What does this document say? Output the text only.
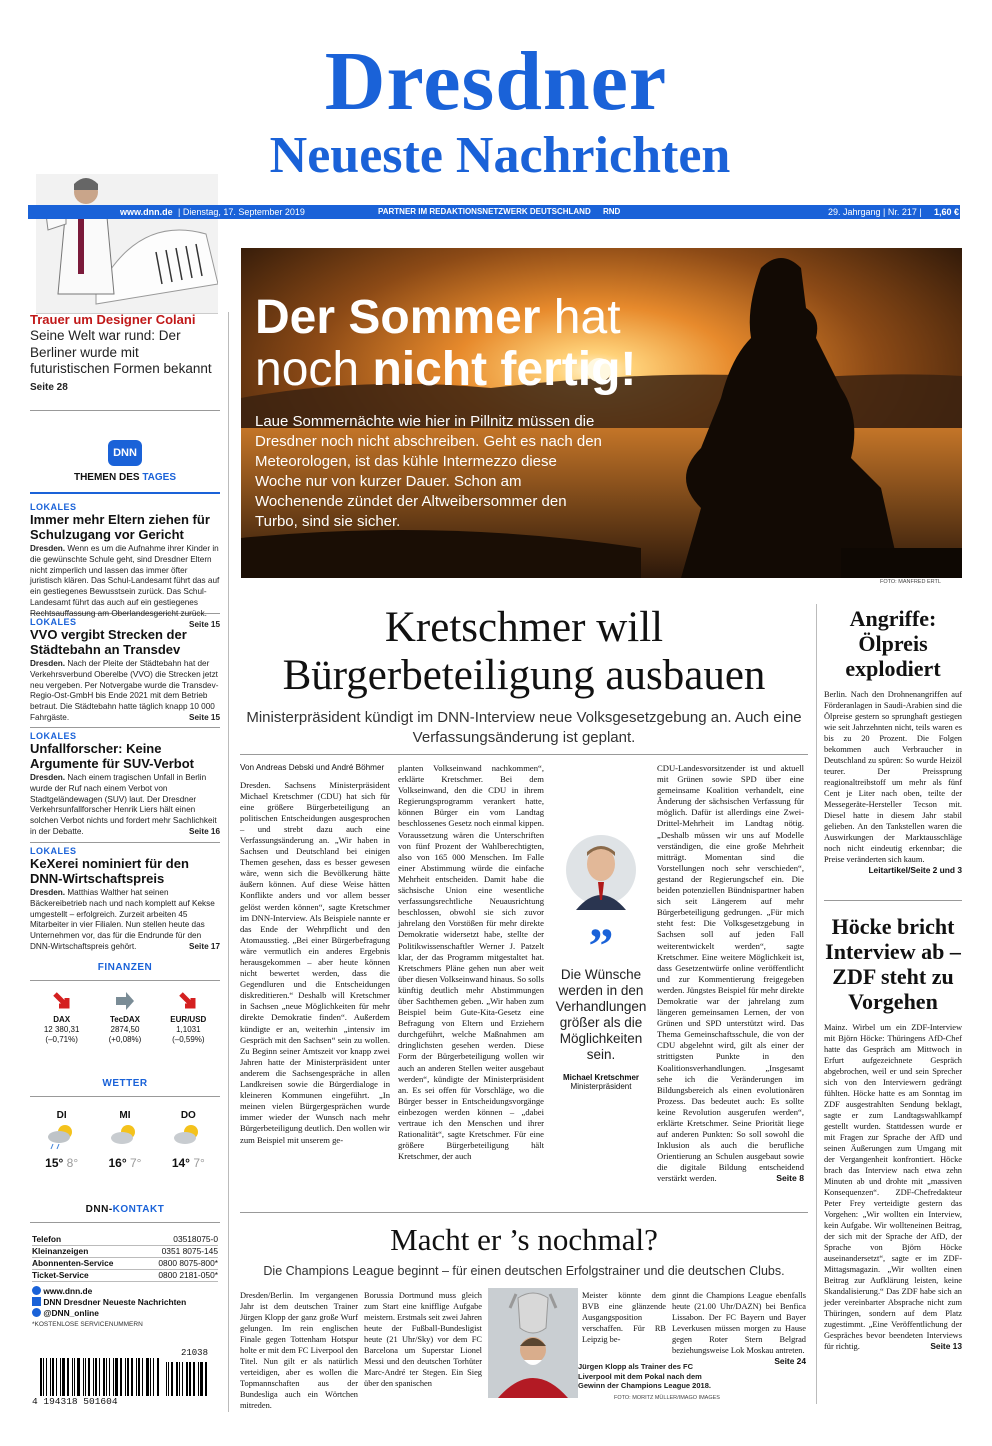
Dresdner
Neueste Nachrichten
www.dnn.de | Dienstag, 17. September 2019	PARTNER IM REDAKTIONSNETZWERK DEUTSCHLAND RND	29. Jahrgang | Nr. 217 | 1,60 €
Trauer um Designer Colani
Seine Welt war rund: Der Berliner wurde mit futuristischen Formen bekannt Seite 28
DNN
THEMEN DES TAGES
LOKALES
Immer mehr Eltern ziehen für Schulzugang vor Gericht
Dresden. Wenn es um die Aufnahme ihrer Kinder in die gewünschte Schule geht, sind Dresdner Eltern nicht zimperlich und lassen das immer öfter juristisch klären. Das Schul-Landesamt führt das auf ein gestiegenes Bewusstsein zurück. Das Schul-Landesamt führt das auch auf ein gestiegenes Rechtsauffassung am Oberlandesgericht zurück.
Seite 15
LOKALES
VVO vergibt Strecken der Städtebahn an Transdev
Dresden. Nach der Pleite der Städtebahn hat der Verkehrsverbund Oberelbe (VVO) die Strecken jetzt neu vergeben. Per Notvergabe wurde die Transdev-Regio-Ost-GmbH bis Ende 2021 mit dem Betrieb betraut. Die Städtebahn hatte täglich knapp 10 000 Fahrgäste.	Seite 15
LOKALES
Unfallforscher: Keine Argumente für SUV-Verbot
Dresden. Nach einem tragischen Unfall in Berlin wurde der Ruf nach einem Verbot von Stadtgeländewagen (SUV) laut. Der Dresdner Verkehrsunfallforscher Henrik Liers hält einen solchen Verbot nichts und fordert mehr Sachlichkeit in der Debatte.	Seite 16
LOKALES
KeXerei nominiert für den DNN-Wirtschaftspreis
Dresden. Matthias Walther hat seinen Bäckereibetrieb nach und nach komplett auf Kekse umgestellt – erfolgreich. Zurzeit arbeiten 45 Mitarbeiter in vier Filialen. Nun stellen heute das Unternehmen vor, das für die Endrunde für den DNN-Wirtschaftspreis gehört.	Seite 17
FINANZEN
DAX
12 380,31
(–0,71%)
TecDAX
2874,50
(+0,08%)
EUR/USD
1,1031
(–0,59%)
WETTER
DI
15° 8°
MI
16° 7°
DO
14° 7°
DNN-KONTAKT
Telefon	03518075-0
Kleinanzeigen	0351 8075-145
Abonnenten-Service	0800 8075-800*
Ticket-Service	0800 2181-050*
www.dnn.de
DNN Dresdner Neueste Nachrichten
@DNN_online
*KOSTENLOSE SERVICENUMMERN
21038
4 194318 501604
Der Sommer hat
noch nicht fertig!
Laue Sommernächte wie hier in Pillnitz müssen die Dresdner noch nicht abschreiben. Geht es nach den Meteorologen, ist das kühle Intermezzo diese Woche nur von kurzer Dauer. Schon am Wochenende zündet der Altweibersommer den Turbo, sind sie sicher.
FOTO: MANFRED ERTL
Kretschmer will
Bürgerbeteiligung ausbauen
Ministerpräsident kündigt im DNN-Interview neue Volksgesetzgebung an. Auch eine Verfassungsänderung ist geplant.
Von Andreas Debski und André Böhmer
Dresden. Sachsens Ministerpräsident Michael Kretschmer (CDU) hat sich für eine größere Bürgerbeteiligung an politischen Entscheidungen ausgesprochen – und strebt dazu auch eine Verfassungsänderung an. „Wir haben in Sachsen und Deutschland bei einigen Themen gesehen, dass es besser gewesen wäre, wenn sich die Bevölkerung hätte äußern können. Auf diese Weise hätten Konflikte anders und vor allem besser gelöst werden können“, sagte Kretschmer im DNN-Interview. Als Beispiele nannte er das Ende der Wehrpflicht und den Atomausstieg. „Bei einer Bürgerbefragung wäre vermutlich ein anderes Ergebnis herausgekommen – aber heute können nicht bewertet werden, dass die Gegendluren und die Entscheidungen diskreditieren.“ Deshalb will Kretschmer in Sachsen „neue Möglichkeiten für mehr direkte Demokratie finden“. Außerdem kündigte er an, weiterhin „intensiv im Gespräch mit den Sachsen“ sein zu wollen. Zu Beginn seiner Amtszeit vor knapp zwei Jahren hatte der Ministerpräsident unter anderem die Sachsengespräche in allen Landkreisen sowie die Bürgerdialoge in kleineren Kommunen eingeführt. „In meinen vielen Bürgergesprächen wurde immer wieder der Wunsch nach mehr Bürgerbeteiligung deutlich. Den wollen wir zum Beispiel mit unserem ge-
planten Volkseinwand nachkommen“, erklärte Kretschmer. Bei dem Volkseinwand, den die CDU in ihrem Regierungsprogramm verankert hatte, können Bürger ein vom Landtag beschlossenes Gesetz noch einmal kippen. Voraussetzung wären die Unterschriften von fünf Prozent der Wahlberechtigten, also von 165 000 Menschen. Im Falle einer Abstimmung würde die einfache Mehrheit entscheiden. Damit habe die sächsische Union eine wesentliche verfassungsrechtliche Neuausrichtung beschlossen, obwohl sie sich zuvor jahrelang den Vorstößen für mehr direkte Demokratie widersetzt habe, stellte der Politikwissenschaftler Werner J. Patzelt klar, der das Programm mitgestaltet hat. Kretschmers Pläne gehen nun aber weit über diesen Volkseinwand hinaus. So solls künftig deutlich mehr Abstimmungen über Sachthemen geben. „Wir haben zum Beispiel beim Gute-Kita-Gesetz eine Befragung von Eltern und Erziehern durchgeführt, welche Maßnahmen am dringlichsten gesehen werden. Diese Form der Bürgerbeteiligung wollen wir auch an anderen Stellen weiter ausgebaut werden“, kündigte der Ministerpräsident an. Es sei offen für Vorschläge, wo die Bürger besser in Entscheidungsvorgänge einbezogen werden können – „dabei vertraue ich den Menschen und ihrer Rationalität“, sagte Kretschmer. Für eine größere Bürgerbeteiligung hält Kretschmer, der auch
”
Die Wünsche werden in den Verhandlungen größer als die Möglichkeiten sein.
Michael Kretschmer
Ministerpräsident
CDU-Landesvorsitzender ist und aktuell mit Grünen sowie SPD über eine gemeinsame Koalition verhandelt, eine Änderung der sächsischen Verfassung für möglich. Dafür ist allerdings eine Zwei-Drittel-Mehrheit im Landtag nötig. „Deshalb müssen wir uns auf Modelle verständigen, die eine große Mehrheit mitträgt. Momentan sind die Vorstellungen noch sehr verschieden“, gestand der Regierungschef ein. Die beiden potenziellen Bündnispartner haben sich seit Längerem auf mehr Bürgerbeteiligung gedrungen. „Für mich steht fest: Die Volksgesetzgebung in Sachsen soll auf jeden Fall weiterentwickelt werden“, sagte Kretschmer. Eine weitere Möglichkeit ist, dass Gesetzentwürfe online veröffentlicht und zur Kommentierung freigegeben werden. Jüngstes Beispiel für mehr direkte Demokratie war der jahrelang zum längeren gemeinsamen Lernen, der von Grünen und SPD unterstützt wird. Das Thema Gemeinschaftsschule, die von der CDU abgelehnt wird, gilt als einer der strittigsten Punkte in den Koalitionsverhandlungen. „Insgesamt sehe ich die Veränderungen im Bildungsbereich als einen evolutionären Prozess. Das bedeutet auch: Es sollte keine Revolution ausgerufen werden“, erklärte Kretschmer. Seine Priorität liege auf anderen Punkten: So soll sowohl die Inklusion als auch die berufliche Orientierung an Schulen ausgebaut sowie die digitale Bildung entscheidend verstärkt werden.	Seite 8
Angriffe: Ölpreis explodiert
Berlin. Nach den Drohnenangriffen auf Förderanlagen in Saudi-Arabien sind die Ölpreise gestern so sprunghaft gestiegen wie seit Jahrzehnten nicht, teils waren es bis zu 20 Prozent. Die Folgen bekommen auch Verbraucher in Deutschland zu spüren: So wurde Heizöl teurer. Der Preissprung reagionaltreibstoff um mehr als fünf Cent je Liter nach oben, teilte der Messegeräte-Hersteller Tecson mit. Diesel hatte in diesem Jahr stabil gelieben. An den Tankstellen waren die Auswirkungen der Marktausschläge noch nicht eindeutig erkennbar; die Preise veränderten sich kaum.
Leitartikel/Seite 2 und 3
Höcke bricht Interview ab – ZDF steht zu Vorgehen
Mainz. Wirbel um ein ZDF-Interview mit Björn Höcke: Thüringens AfD-Chef hatte das Gespräch am Mittwoch in Erfurt aufgezeichnete Gespräch abgebrochen, weil er und sein Sprecher sich von den Interviewern gedrängt fühlten. Höcke hatte es am Sonntag im ZDF ausgestrahlten Sendung beklagt, sagte er zum Landtagswahlkampf gestellt wurden. Stattdessen wurde er mit Fragen zur Sprache der AfD und seinen Äußerungen zum Umgang mit der Vergangenheit konfrontiert. Höcke brach das Interview nach etwa zehn Minuten ab und drohte mit „massiven Konsequenzen“. ZDF-Chefredakteur Peter Frey verteidigte gestern das Vorgehen: „Wir wollten ein Interview, kein Aufgabe. Wir wollteneinen Beitrag, der sich mit der Sprache der AfD, der Sprache von Björn Höcke auseinandersetzt“, sagte er im ZDF-Mittagsmagazin. „Wir wollten einen Beitrag zur Aufklärung leisten, keine Skandalisierung.“ Das ZDF habe sich an jeder vereinbarter Absprache nicht zum Thüringen, sondern auf dem Platz zugestimmt. „Eine Veröffentlichung der Gespräches bevor beendeten Interviews für richtig.	Seite 13
Macht er ’s nochmal?
Die Champions League beginnt – für einen deutschen Erfolgstrainer und die deutschen Clubs.
Dresden/Berlin. Im vergangenen Jahr ist dem deutschen Trainer Jürgen Klopp der ganz große Wurf gelungen. Im rein englischen Finale gegen Tottenham Hotspur holte er mit dem FC Liverpool den Titel. Nun gilt er als natürlich verteidigen, aber es wollen die Topmannschaften aus der Bundesliga auch ein Wörtchen mitreden.
Borussia Dortmund muss gleich zum Start eine knifflige Aufgabe meistern. Erstmals seit zwei Jahren heute der Fußball-Bundesligist heute (21 Uhr/Sky) vor dem FC Barcelona um Superstar Lionel Messi und den deutschen Torhüter Marc-André ter Stegen. Ein Sieg über den spanischen
Meister könnte dem BVB eine glänzende Ausgangsposition verschaffen. Für RB Leipzig be-
Jürgen Klopp als Trainer des FC Liverpool mit dem Pokal nach dem Gewinn der Champions League 2018.
FOTO: MORITZ MÜLLER/IMAGO IMAGES
ginnt die Champions League ebenfalls heute (21.00 Uhr/DAZN) bei Benfica Lissabon. Der FC Bayern und Bayer Leverkusen müssen morgen zu Hause gegen Roter Stern Belgrad beziehungsweise Lok Moskau antreten.
Seite 24
